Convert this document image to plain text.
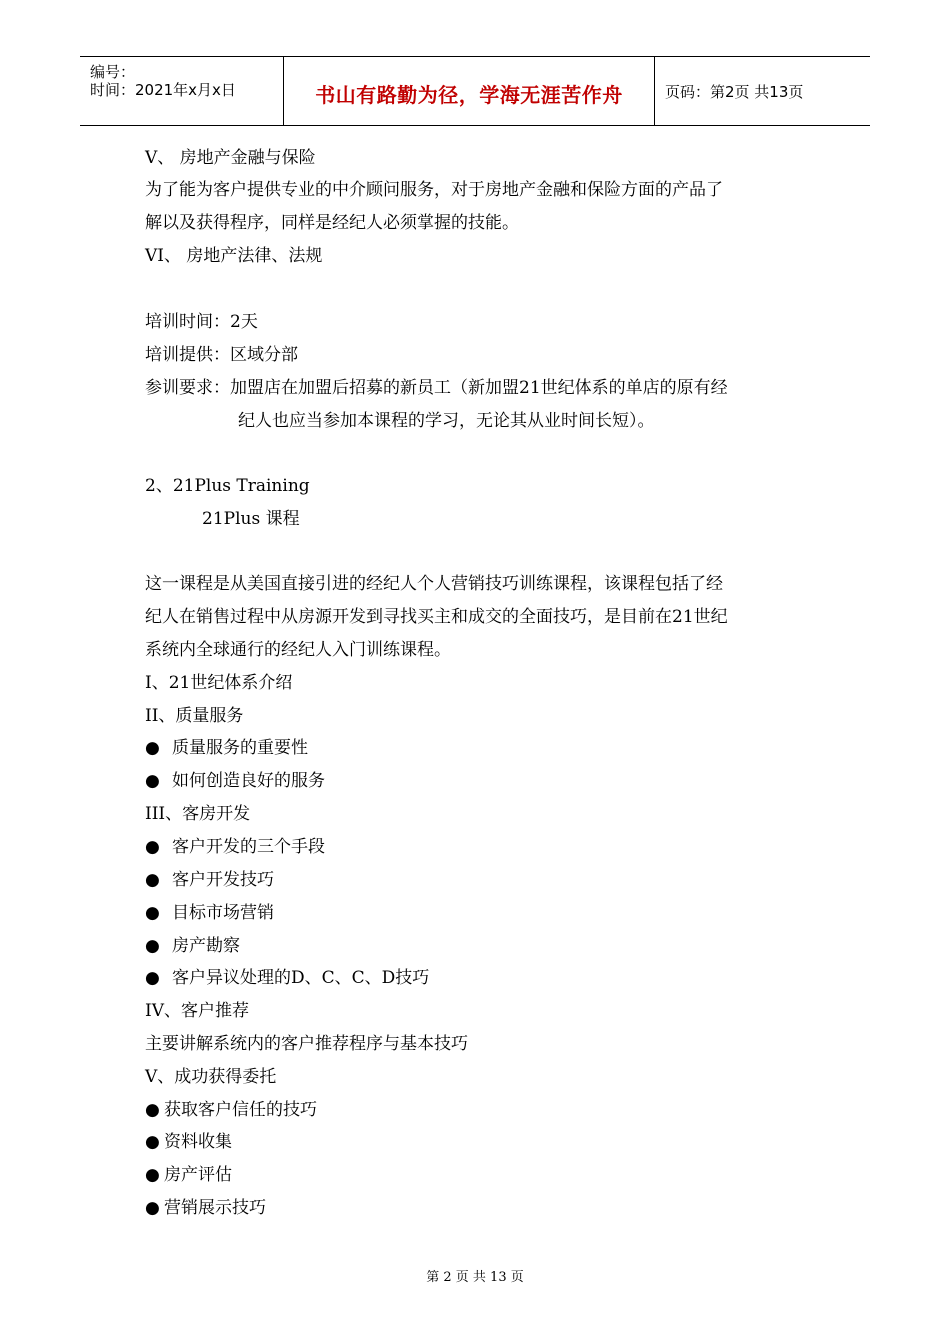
编号：
时间：2021年x月x日	书山有路勤为径，学海无涯苦作舟	页码：第2页 共13页
V、 房地产金融与保险
为了能为客户提供专业的中介顾问服务，对于房地产金融和保险方面的产品了
解以及获得程序，同样是经纪人必须掌握的技能。
VI、 房地产法律、法规
培训时间：2天
培训提供：区域分部
参训要求：加盟店在加盟后招募的新员工（新加盟21世纪体系的单店的原有经
纪人也应当参加本课程的学习，无论其从业时间长短）。
2、21Plus Training
21Plus 课程
这一课程是从美国直接引进的经纪人个人营销技巧训练课程，该课程包括了经
纪人在销售过程中从房源开发到寻找买主和成交的全面技巧，是目前在21世纪
系统内全球通行的经纪人入门训练课程。
I、21世纪体系介绍
II、质量服务
● 质量服务的重要性
● 如何创造良好的服务
III、客房开发
● 客户开发的三个手段
● 客户开发技巧
● 目标市场营销
● 房产勘察
● 客户异议处理的D、C、C、D技巧
IV、客户推荐
主要讲解系统内的客户推荐程序与基本技巧
V、成功获得委托
● 获取客户信任的技巧
● 资料收集
● 房产评估
● 营销展示技巧
第 2 页 共 13 页
